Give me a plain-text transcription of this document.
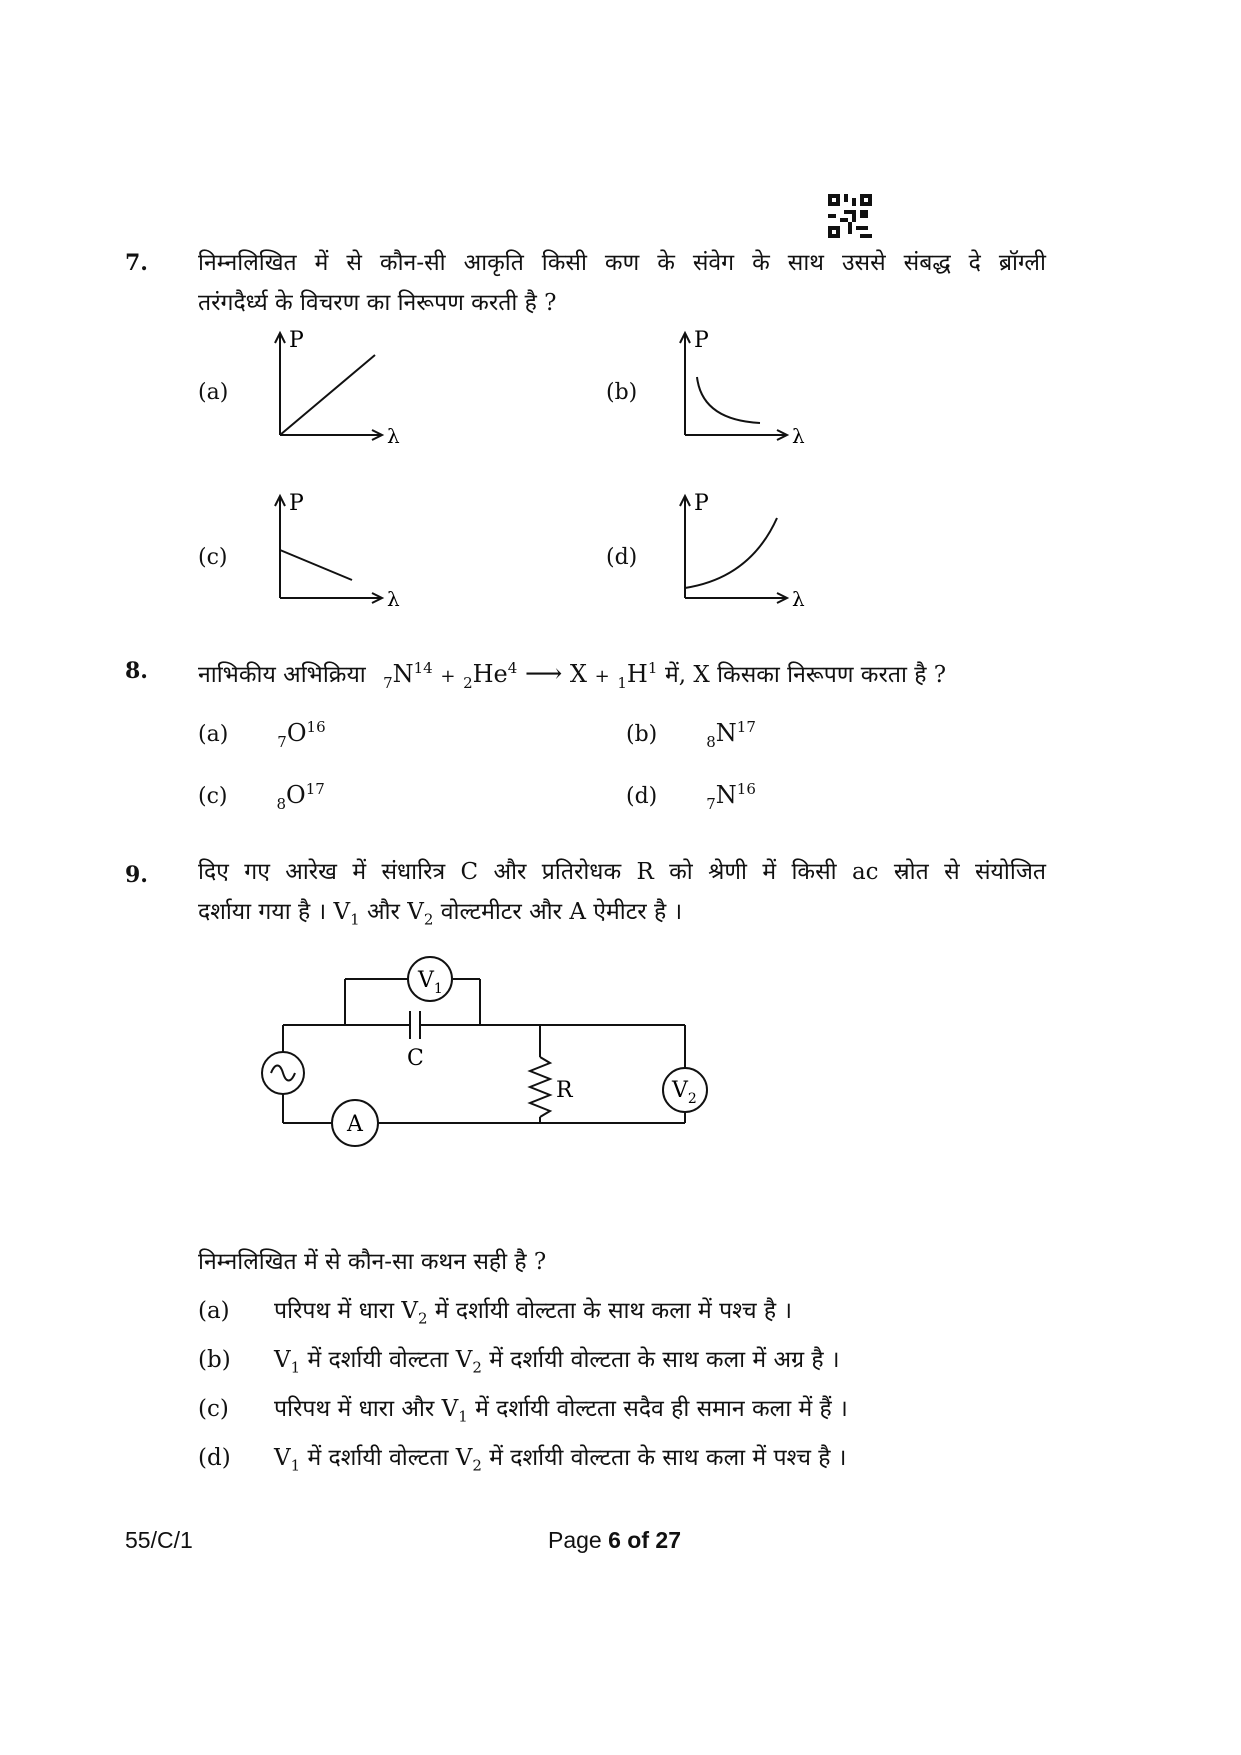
7. निम्नलिखित में से कौन-सी आकृति किसी कण के संवेग के साथ उससे संबद्ध दे ब्रॉग्ली
तरंगदैर्ध्य के विचरण का निरूपण करती है ?
(a)
P
λ
(b)
P
λ
(c)
P
λ
(d)
P
λ
8. नाभिकीय अभिक्रिया $_7N^{14} + _2He^4$ ⟶ $X + _1H^1$ में, X किसका निरूपण करता है ?
(a)	$_7O^{16}$	(b)	$_8N^{17}$
(c)	$_8O^{17}$	(d)	$_7N^{16}$
9. दिए गए आरेख में संधारित्र C और प्रतिरोधक R को श्रेणी में किसी ac स्रोत से संयोजित
दर्शाया गया है । $V_1$ और $V_2$ वोल्टमीटर और A ऐमीटर है ।
$V_1$
$V_2$
A
C
R
निम्नलिखित में से कौन-सा कथन सही है ?
(a) परिपथ में धारा $V_2$ में दर्शायी वोल्टता के साथ कला में पश्च है ।
(b) $V_1$ में दर्शायी वोल्टता $V_2$ में दर्शायी वोल्टता के साथ कला में अग्र है ।
(c) परिपथ में धारा और $V_1$ में दर्शायी वोल्टता सदैव ही समान कला में हैं ।
(d) $V_1$ में दर्शायी वोल्टता $V_2$ में दर्शायी वोल्टता के साथ कला में पश्च है ।
55/C/1	Page 6 of 27
